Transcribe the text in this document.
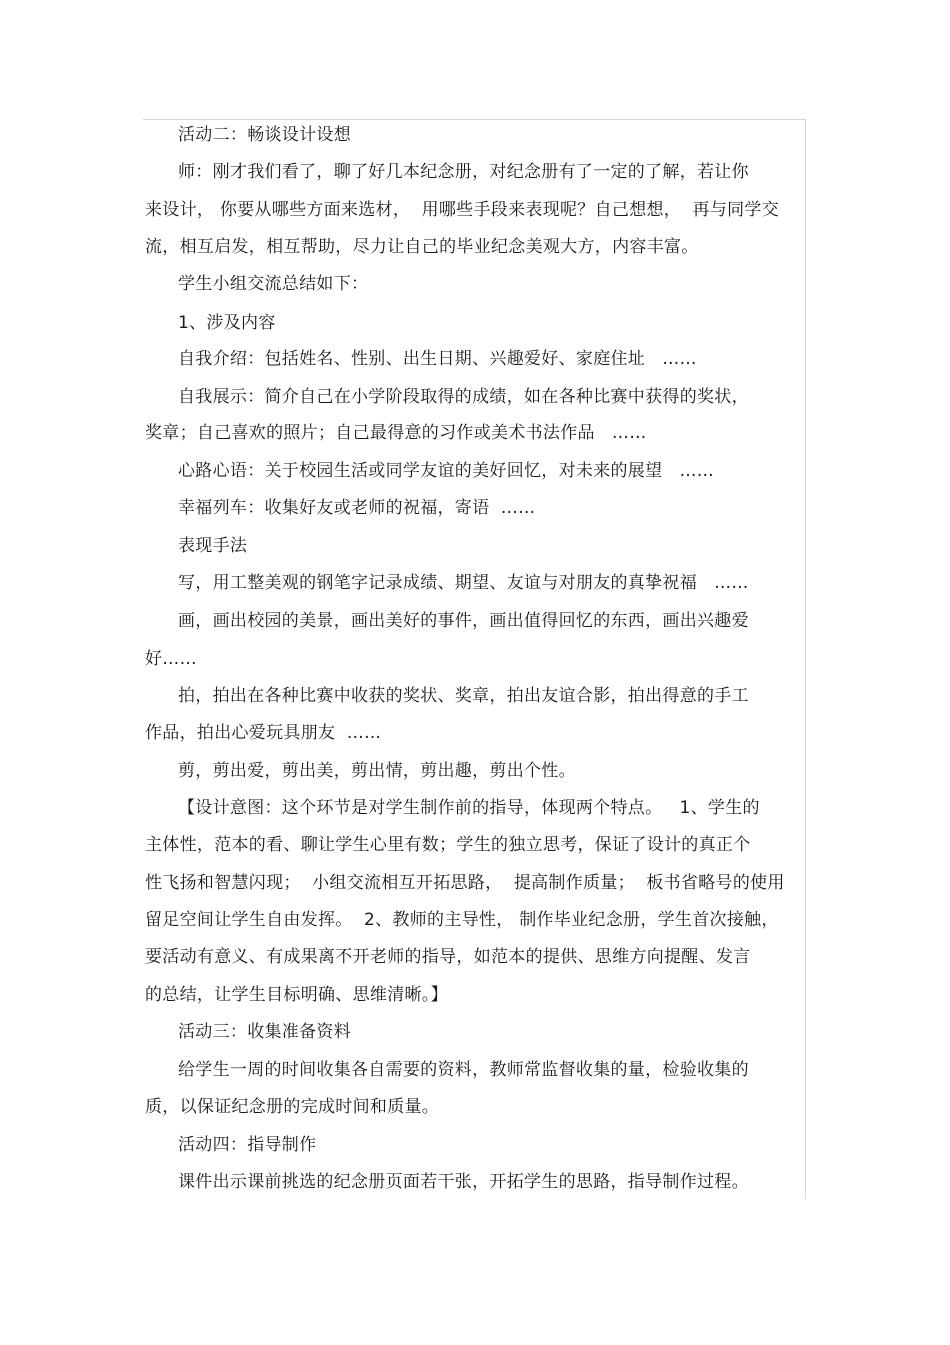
活动二：畅谈设计设想
师：刚才我们看了，聊了好几本纪念册，对纪念册有了一定的了解，若让你
来设计， 你要从哪些方面来选材，  用哪些手段来表现呢？自己想想，  再与同学交
流，相互启发，相互帮助，尽力让自己的毕业纪念美观大方，内容丰富。
学生小组交流总结如下：
1、涉及内容
自我介绍：包括姓名、性别、出生日期、兴趣爱好、家庭住址   ……
自我展示：简介自己在小学阶段取得的成绩，如在各种比赛中获得的奖状，
奖章；自己喜欢的照片；自己最得意的习作或美术书法作品   ……
心路心语：关于校园生活或同学友谊的美好回忆，对未来的展望   ……
幸福列车：收集好友或老师的祝福，寄语  ……
表现手法
写，用工整美观的钢笔字记录成绩、期望、友谊与对朋友的真挚祝福   ……
画，画出校园的美景，画出美好的事件，画出值得回忆的东西，画出兴趣爱
好……
拍，拍出在各种比赛中收获的奖状、奖章，拍出友谊合影，拍出得意的手工
作品，拍出心爱玩具朋友  ……
剪，剪出爱，剪出美，剪出情，剪出趣，剪出个性。
【设计意图：这个环节是对学生制作前的指导，体现两个特点。   1、学生的
主体性，范本的看、聊让学生心里有数；学生的独立思考，保证了设计的真正个
性飞扬和智慧闪现；  小组交流相互开拓思路，  提高制作质量；  板书省略号的使用
留足空间让学生自由发挥。  2、教师的主导性， 制作毕业纪念册，学生首次接触，
要活动有意义、有成果离不开老师的指导，如范本的提供、思维方向提醒、发言
的总结，让学生目标明确、思维清晰。】
活动三：收集准备资料
给学生一周的时间收集各自需要的资料，教师常监督收集的量，检验收集的
质，以保证纪念册的完成时间和质量。
活动四：指导制作
课件出示课前挑选的纪念册页面若干张，开拓学生的思路，指导制作过程。
